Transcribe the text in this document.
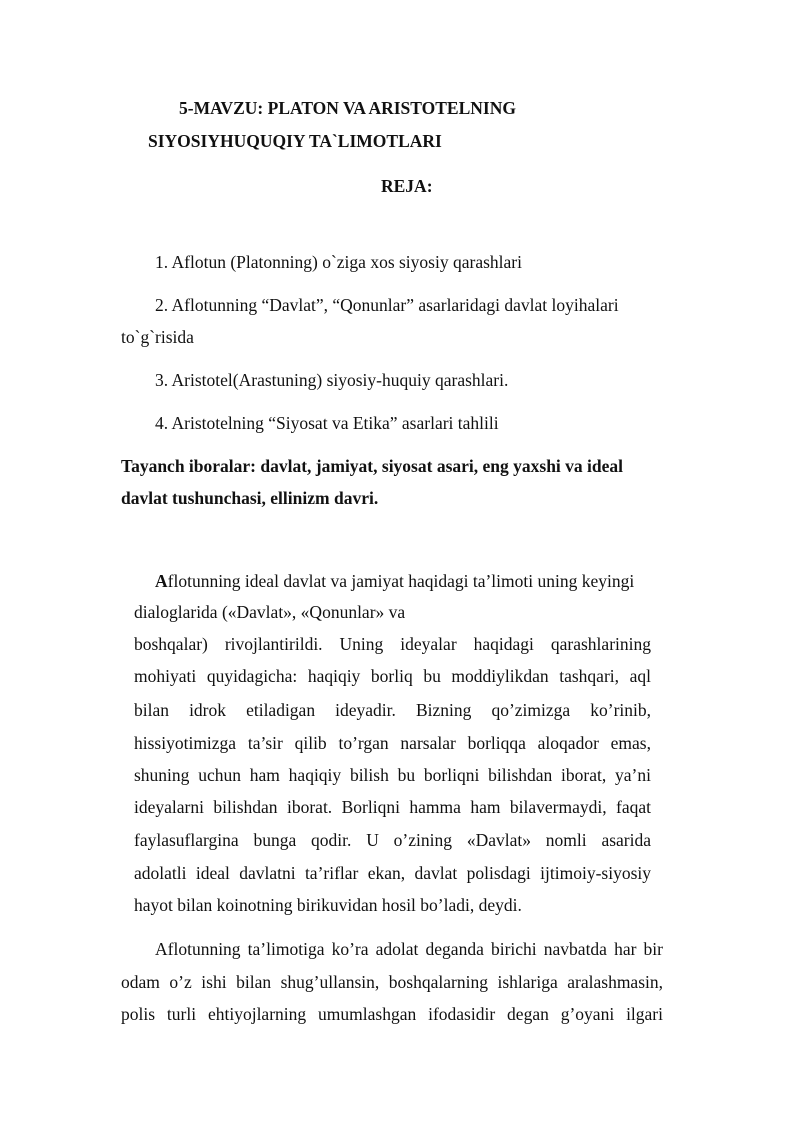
5-MAVZU: PLATON VA ARISTOTELNING
SIYOSIYHUQUQIY TA`LIMOTLARI
REJA:
1. Aflotun (Platonning) o`ziga xos siyosiy qarashlari
2. Aflotunning “Davlat”, “Qonunlar” asarlaridagi davlat loyihalari
to`g`risida
3. Aristotel(Arastuning) siyosiy-huquiy qarashlari.
4. Aristotelning “Siyosat va Etika” asarlari tahlili
Tayanch iboralar: davlat, jamiyat, siyosat asari, eng yaxshi va ideal
davlat tushunchasi, ellinizm davri.
Aflotunning ideal davlat va jamiyat haqidagi ta’limoti uning keyingi
dialoglarida («Davlat», «Qonunlar» va
boshqalar) rivojlantirildi. Uning ideyalar haqidagi qarashlarining
mohiyati quyidagicha: haqiqiy borliq bu moddiylikdan tashqari, aql
bilan idrok etiladigan ideyadir. Bizning qo’zimizga ko’rinib,
hissiyotimizga ta’sir qilib to’rgan narsalar borliqqa aloqador emas,
shuning uchun ham haqiqiy bilish bu borliqni bilishdan iborat, ya’ni
ideyalarni bilishdan iborat. Borliqni hamma ham bilavermaydi, faqat
faylasuflargina bunga qodir. U o’zining «Davlat» nomli asarida
adolatli ideal davlatni ta’riflar ekan, davlat polisdagi ijtimoiy-siyosiy
hayot bilan koinotning birikuvidan hosil bo’ladi, deydi.
Aflotunning ta’limotiga ko’ra adolat deganda birichi navbatda har bir
odam o’z ishi bilan shug’ullansin, boshqalarning ishlariga aralashmasin,
polis turli ehtiyojlarning umumlashgan ifodasidir degan g’oyani ilgari
